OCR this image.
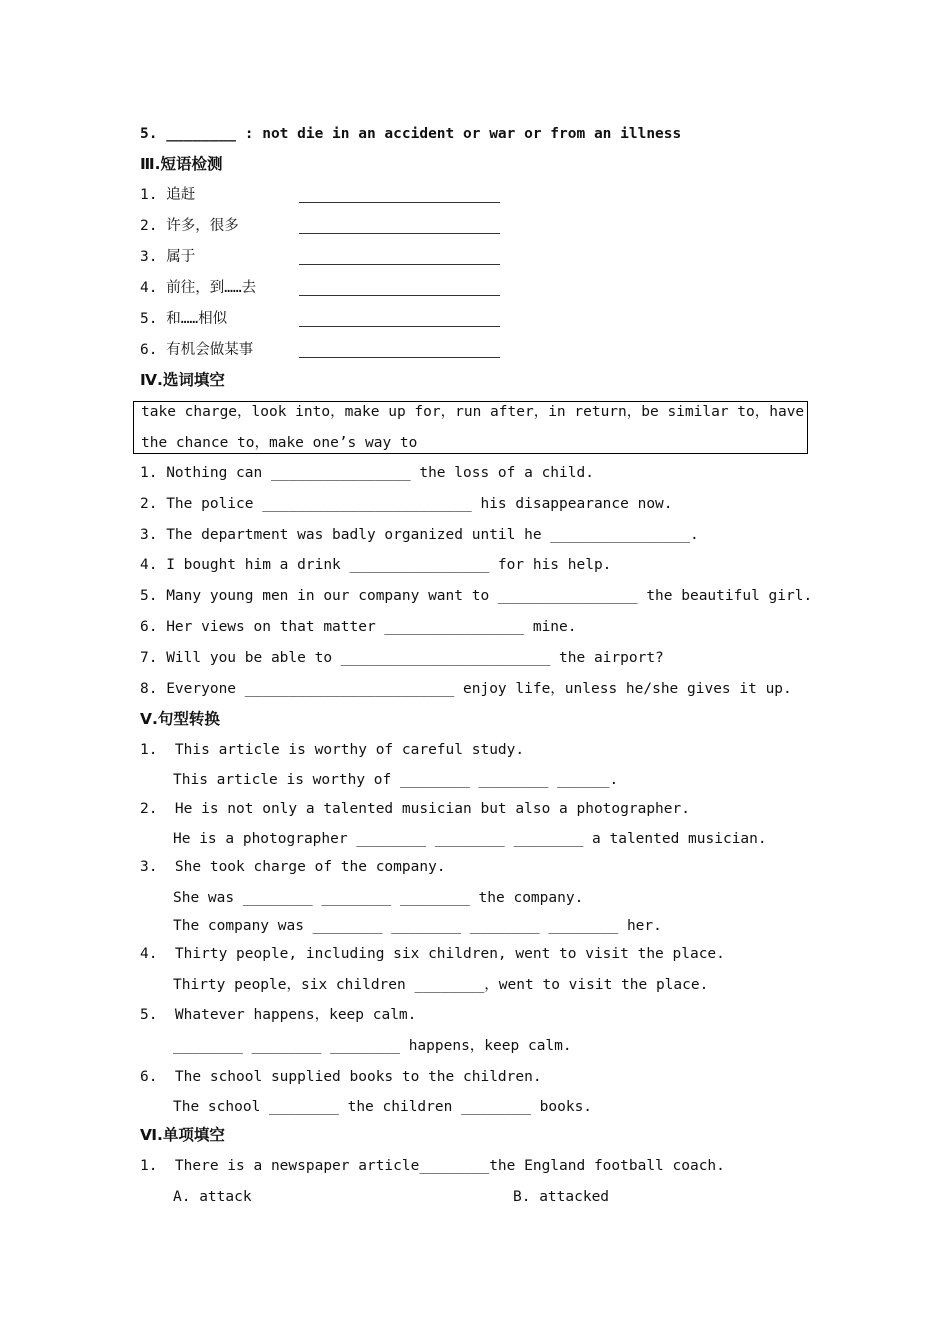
5. ________ : not die in an accident or war or from an illness
Ⅲ.短语检测
1. 追赶
2. 许多，很多
3. 属于
4. 前往，到……去
5. 和……相似
6. 有机会做某事
Ⅳ.选词填空
take charge，look into，make up for，run after，in return，be similar to，have
the chance to，make one’s way to
1. Nothing can ________________ the loss of a child.
2. The police ________________________ his disappearance now.
3. The department was badly organized until he ________________.
4. I bought him a drink ________________ for his help.
5. Many young men in our company want to ________________ the beautiful girl.
6. Her views on that matter ________________ mine.
7. Will you be able to ________________________ the airport?
8. Everyone ________________________ enjoy life，unless he/she gives it up.
Ⅴ.句型转换
1.  This article is worthy of careful study.
This article is worthy of ________ ________ ______.
2.  He is not only a talented musician but also a photographer.
He is a photographer ________ ________ ________ a talented musician.
3.  She took charge of the company.
She was ________ ________ ________ the company.
The company was ________ ________ ________ ________ her.
4.  Thirty people, including six children, went to visit the place.
Thirty people，six children ________，went to visit the place.
5.  Whatever happens，keep calm.
________ ________ ________ happens，keep calm.
6.  The school supplied books to the children.
The school ________ the children ________ books.
Ⅵ.单项填空
1.  There is a newspaper article________the England football coach.
A. attack	B. attacked
